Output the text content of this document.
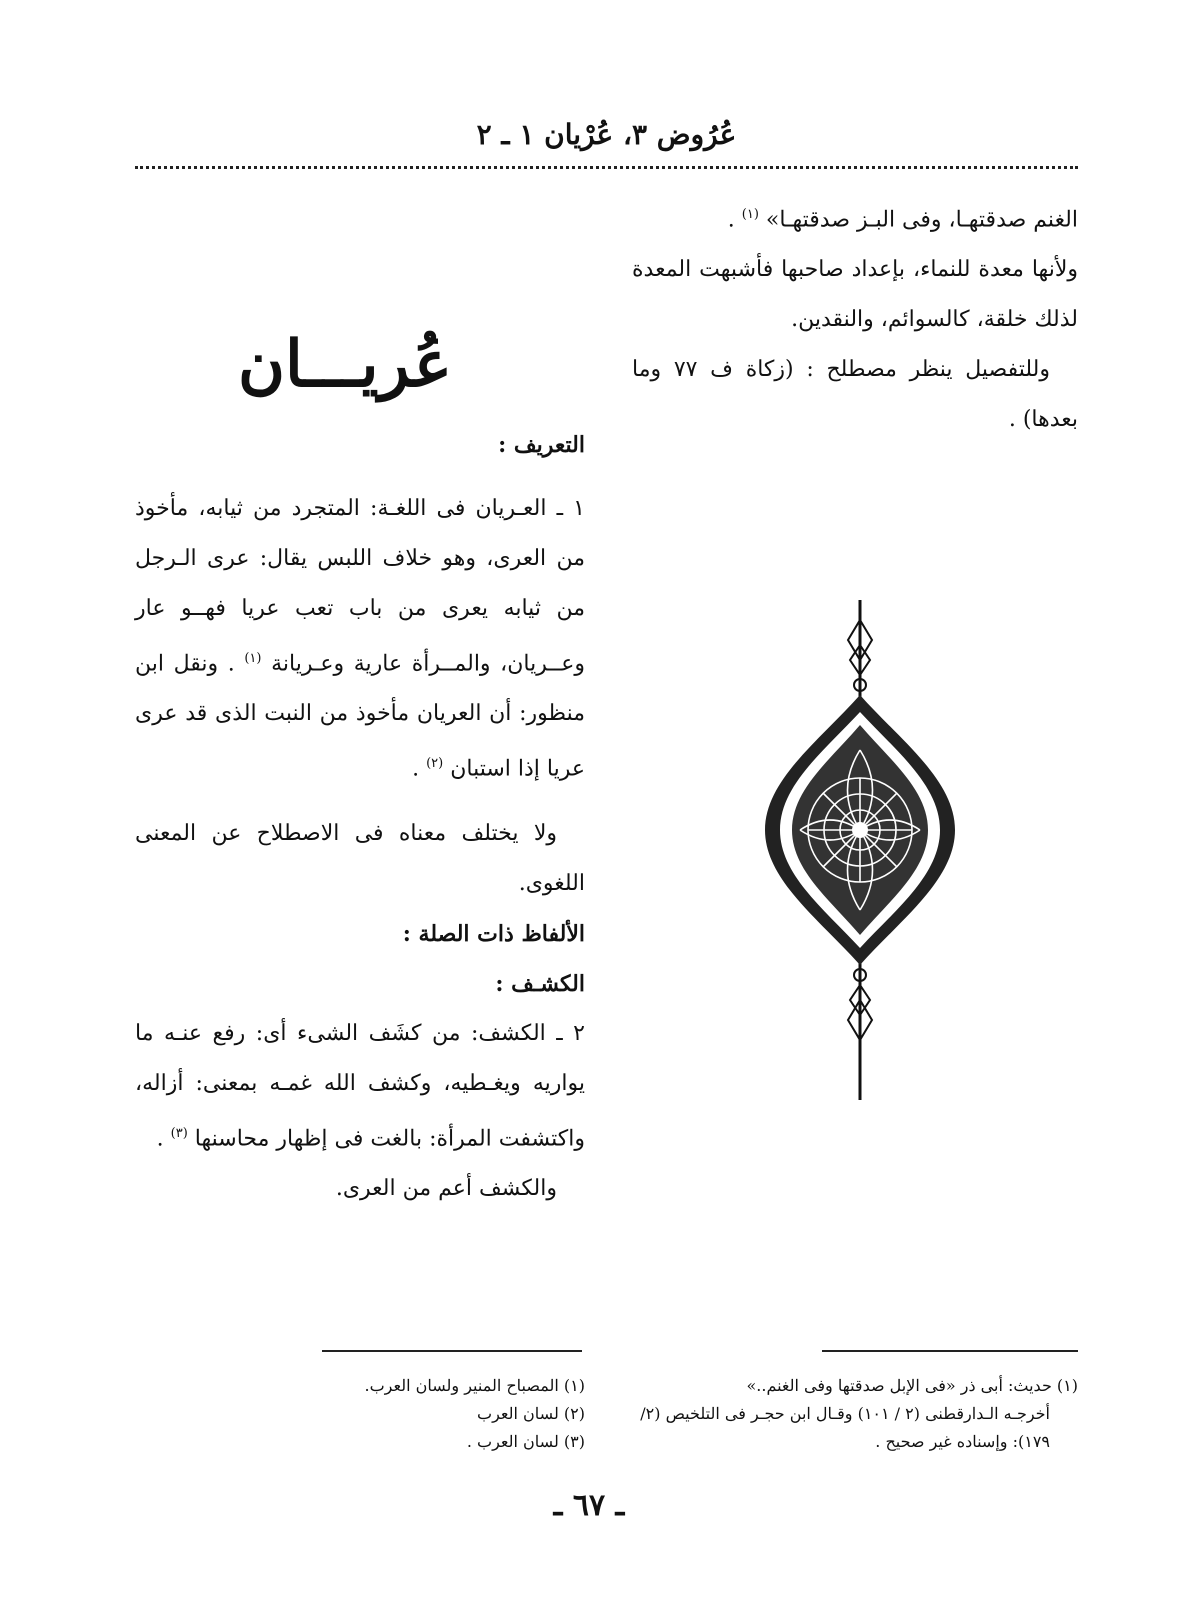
عُرُوض ٣، عُرْيان ١ ـ ٢

الغنم صدقتهـا، وفى البـز صدقتهـا» $^{(١)}$ .

ولأنها معدة للنماء، بإعداد صاحبها فأشبهت المعدة لذلك خلقة، كالسوائم، والنقدين.

وللتفصيل ينظر مصطلح : (زكاة ف ٧٧ وما بعدها) .

عُريـــان

التعريف :

١ ـ العـريان فى اللغـة: المتجرد من ثيابه، مأخوذ من العرى، وهو خلاف اللبس يقال: عرى الـرجل من ثيابه يعرى من باب تعب عريا فهــو عار وعــريان، والمــرأة عارية وعـريانة $^{(١)}$ . ونقل ابن منظور: أن العريان مأخوذ من النبت الذى قد عرى عريا إذا استبان $^{(٢)}$ .

ولا يختلف معناه فى الاصطلاح عن المعنى اللغوى.

الألفاظ ذات الصلة :

الكشـف :

٢ ـ الكشف: من كشَف الشىء أى: رفع عنـه ما يواريه ويغـطيه، وكشف الله غمـه بمعنى: أزاله، واكتشفت المرأة: بالغت فى إظهار محاسنها $^{(٣)}$ .

والكشف أعم من العرى.

(١) حديث: أبى ذر «فى الإبل صدقتها وفى الغنم..»

أخرجـه الـدارقطنى (٢ / ١٠١) وقـال ابن حجـر فى التلخيص (٢/ ١٧٩): وإسناده غير صحيح .

(١) المصباح المنير ولسان العرب.

(٢) لسان العرب

(٣) لسان العرب .

ـ ٦٧ ـ
